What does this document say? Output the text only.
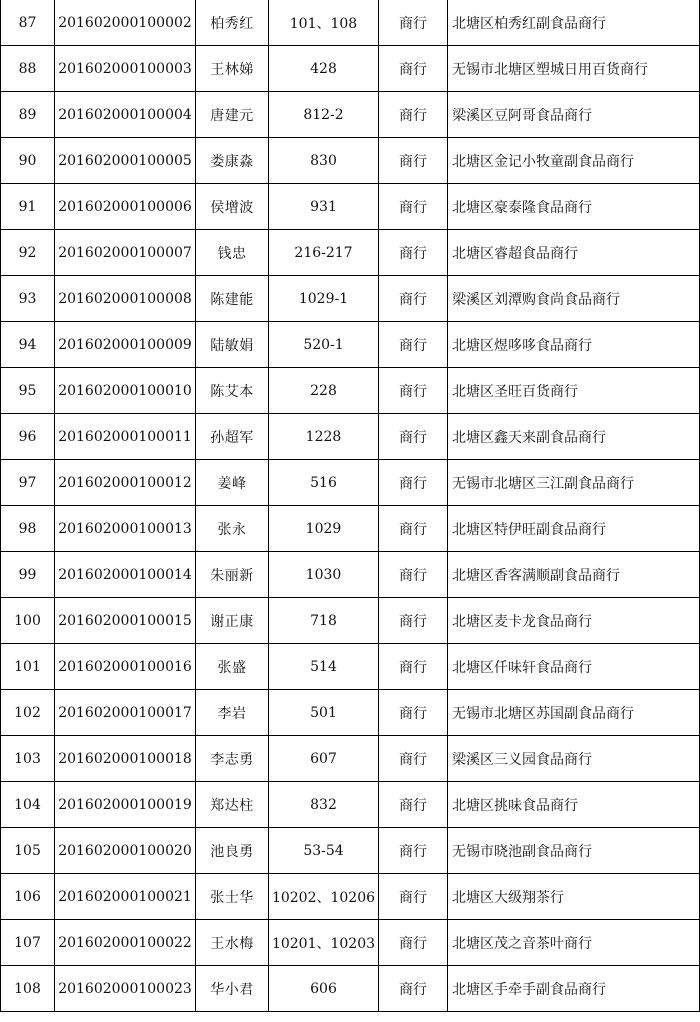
87	201602000100002	柏秀红	101、108	商行	北塘区柏秀红副食品商行
88	201602000100003	王林娣	428	商行	无锡市北塘区塑城日用百货商行
89	201602000100004	唐建元	812-2	商行	梁溪区豆阿哥食品商行
90	201602000100005	娄康淼	830	商行	北塘区金记小牧童副食品商行
91	201602000100006	侯增波	931	商行	北塘区豪泰隆食品商行
92	201602000100007	钱忠	216-217	商行	北塘区睿超食品商行
93	201602000100008	陈建能	1029-1	商行	梁溪区刘潭购食尚食品商行
94	201602000100009	陆敏娟	520-1	商行	北塘区煜哆哆食品商行
95	201602000100010	陈艾本	228	商行	北塘区圣旺百货商行
96	201602000100011	孙超军	1228	商行	北塘区鑫天来副食品商行
97	201602000100012	姜峰	516	商行	无锡市北塘区三江副食品商行
98	201602000100013	张永	1029	商行	北塘区特伊旺副食品商行
99	201602000100014	朱丽新	1030	商行	北塘区香客满顺副食品商行
100	201602000100015	谢正康	718	商行	北塘区麦卡龙食品商行
101	201602000100016	张盛	514	商行	北塘区仟味轩食品商行
102	201602000100017	李岩	501	商行	无锡市北塘区苏国副食品商行
103	201602000100018	李志勇	607	商行	梁溪区三义园食品商行
104	201602000100019	郑达柱	832	商行	北塘区挑味食品商行
105	201602000100020	池良勇	53-54	商行	无锡市晓池副食品商行
106	201602000100021	张士华	10202、10206	商行	北塘区大级翔茶行
107	201602000100022	王水梅	10201、10203	商行	北塘区茂之音茶叶商行
108	201602000100023	华小君	606	商行	北塘区手牵手副食品商行
